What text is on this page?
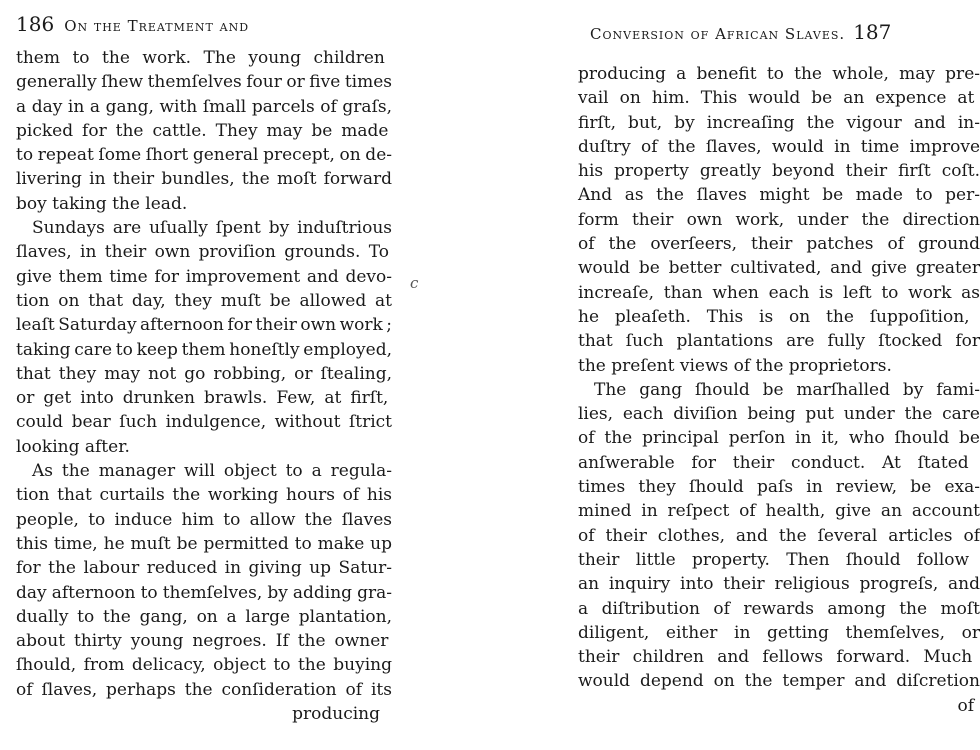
186 On the Treatment and
them to the work. The young children
generally ſhew themſelves four or five times
a day in a gang, with ſmall parcels of graſs,
picked for the cattle. They may be made
to repeat ſome ſhort general precept, on de-
livering in their bundles, the moſt forward
boy taking the lead.
Sundays are uſually ſpent by induſtrious
ſlaves, in their own proviſion grounds. To
give them time for improvement and devo-
tion on that day, they muſt be allowed at
leaſt Saturday afternoon for their own work ;
taking care to keep them honeſtly employed,
that they may not go robbing, or ſtealing,
or get into drunken brawls. Few, at firſt,
could bear ſuch indulgence, without ſtrict
looking after.
As the manager will object to a regula-
tion that curtails the working hours of his
people, to induce him to allow the ſlaves
this time, he muſt be permitted to make up
for the labour reduced in giving up Satur-
day afternoon to themſelves, by adding gra-
dually to the gang, on a large plantation,
about thirty young negroes. If the owner
ſhould, from delicacy, object to the buying
of ſlaves, perhaps the conſideration of its
producing
c
Conversion of African Slaves. 187
producing a benefit to the whole, may pre-
vail on him. This would be an expence at
firſt, but, by increaſing the vigour and in-
duſtry of the ſlaves, would in time improve
his property greatly beyond their firſt coſt.
And as the ſlaves might be made to per-
form their own work, under the direction
of the overſeers, their patches of ground
would be better cultivated, and give greater
increaſe, than when each is left to work as
he pleaſeth. This is on the ſuppoſition,
that ſuch plantations are fully ſtocked for
the preſent views of the proprietors.
The gang ſhould be marſhalled by fami-
lies, each diviſion being put under the care
of the principal perſon in it, who ſhould be
anſwerable for their conduct. At ſtated
times they ſhould paſs in review, be exa-
mined in reſpect of health, give an account
of their clothes, and the ſeveral articles of
their little property. Then ſhould follow
an inquiry into their religious progreſs, and
a diſtribution of rewards among the moſt
diligent, either in getting themſelves, or
their children and fellows forward. Much
would depend on the temper and diſcretion
of
